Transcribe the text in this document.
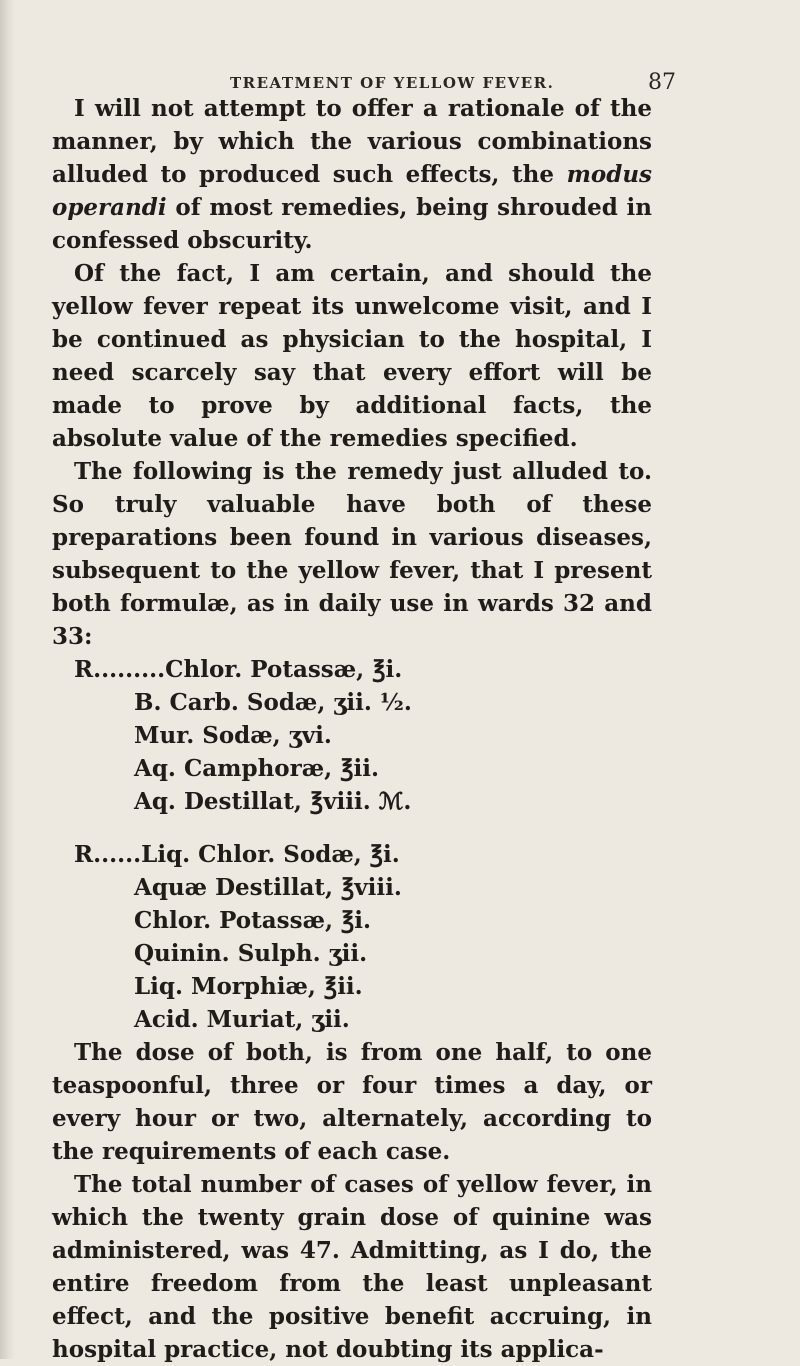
TREATMENT OF YELLOW FEVER.	87

I will not attempt to offer a rationale of the manner, by which the various combinations alluded to produced such effects, the modus operandi of most remedies, being shrouded in confessed obscurity.

Of the fact, I am certain, and should the yellow fever repeat its unwelcome visit, and I be continued as physician to the hospital, I need scarcely say that every effort will be made to prove by additional facts, the absolute value of the remedies specified.

The following is the remedy just alluded to. So truly valuable have both of these preparations been found in various diseases, subsequent to the yellow fever, that I present both formulæ, as in daily use in wards 32 and 33:

R.........Chlor. Potassæ, ℥i.
B. Carb. Sodæ, ʒii. ½.
Mur. Sodæ, ʒvi.
Aq. Camphoræ, ℥ii.
Aq. Destillat, ℥viii. ℳ.
R......Liq. Chlor. Sodæ, ℥i.
Aquæ Destillat, ℥viii.
Chlor. Potassæ, ℥i.
Quinin. Sulph. ʒii.
Liq. Morphiæ, ℥ii.
Acid. Muriat, ʒii.

The dose of both, is from one half, to one teaspoonful, three or four times a day, or every hour or two, alternately, according to the requirements of each case.

The total number of cases of yellow fever, in which the twenty grain dose of quinine was administered, was 47. Admitting, as I do, the entire freedom from the least unpleasant effect, and the positive benefit accruing, in hospital practice, not doubting its applica-
